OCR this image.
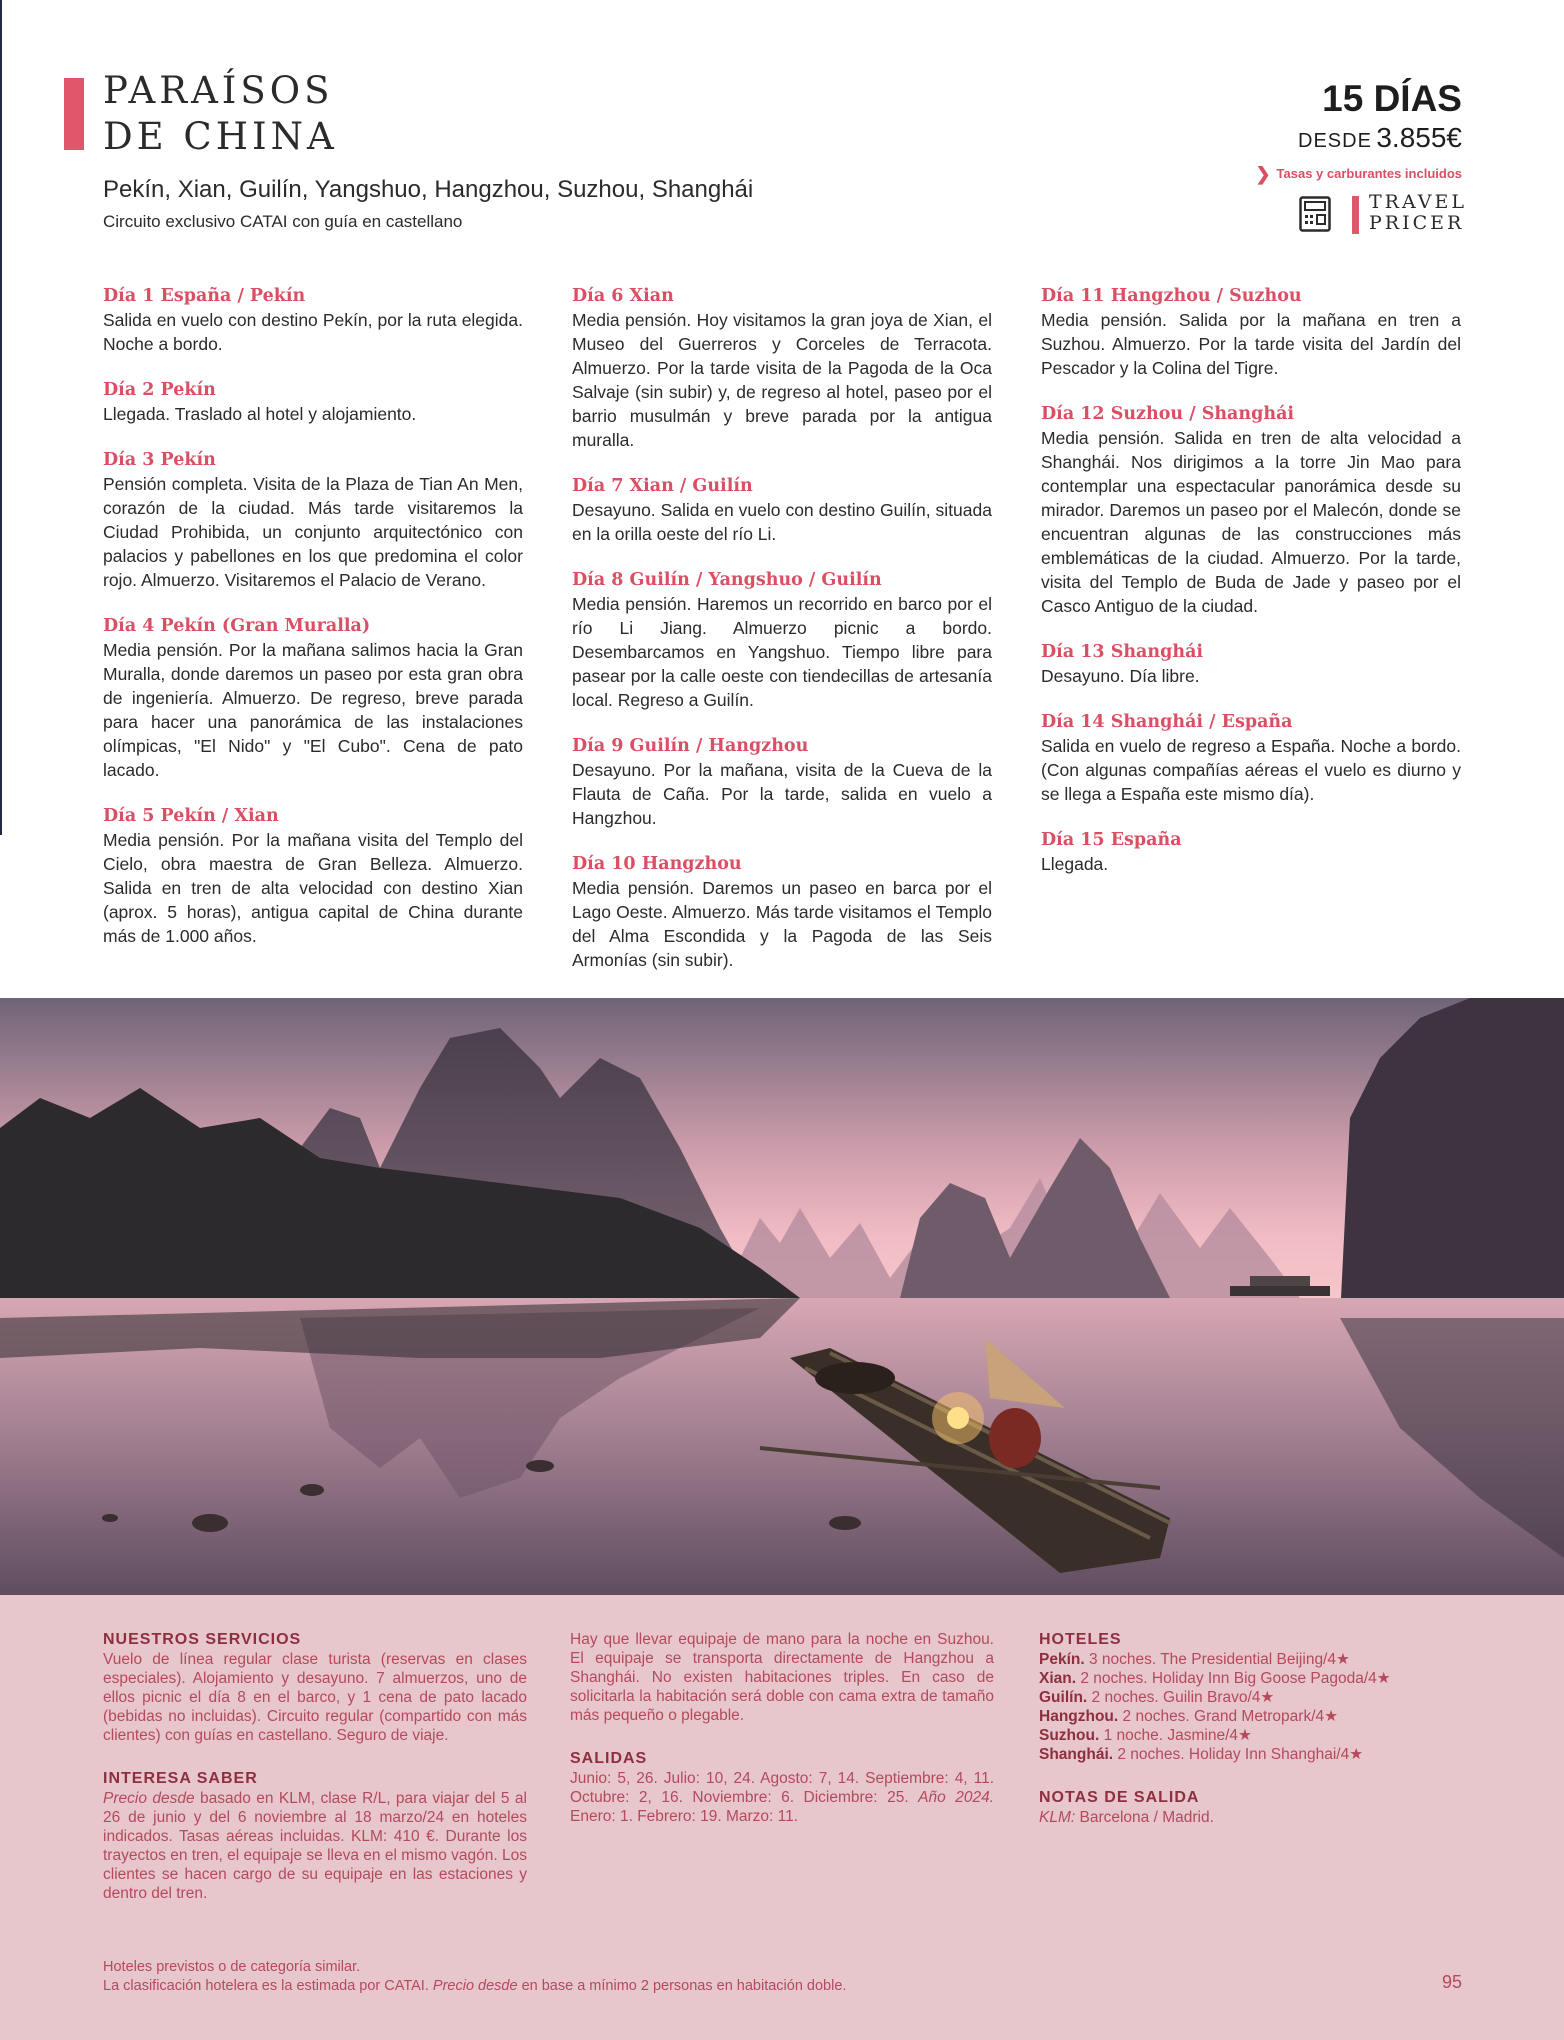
PARAÍSOS
DE CHINA
Pekín, Xian, Guilín, Yangshuo, Hangzhou, Suzhou, Shanghái
Circuito exclusivo CATAI con guía en castellano
15 DÍAS
DESDE 3.855€
❯ Tasas y carburantes incluidos
TRAVEL
PRICER
Día 1 España / Pekín

Salida en vuelo con destino Pekín, por la ruta elegida. Noche a bordo.

Día 2 Pekín

Llegada. Traslado al hotel y alojamiento.

Día 3 Pekín

Pensión completa. Visita de la Plaza de Tian An Men, corazón de la ciudad. Más tarde visitaremos la Ciudad Prohibida, un conjunto arquitectónico con palacios y pabellones en los que predomina el color rojo. Almuerzo. Visitaremos el Palacio de Verano.

Día 4 Pekín (Gran Muralla)

Media pensión. Por la mañana salimos hacia la Gran Muralla, donde daremos un paseo por esta gran obra de ingeniería. Almuerzo. De regreso, breve parada para hacer una panorámica de las instalaciones olímpicas, "El Nido" y "El Cubo". Cena de pato lacado.

Día 5 Pekín / Xian

Media pensión. Por la mañana visita del Templo del Cielo, obra maestra de Gran Belleza. Almuerzo. Salida en tren de alta velocidad con destino Xian (aprox. 5 horas), antigua capital de China durante más de 1.000 años.

Día 6 Xian

Media pensión. Hoy visitamos la gran joya de Xian, el Museo del Guerreros y Corceles de Terracota. Almuerzo. Por la tarde visita de la Pagoda de la Oca Salvaje (sin subir) y, de regreso al hotel, paseo por el barrio musulmán y breve parada por la antigua muralla.

Día 7 Xian / Guilín

Desayuno. Salida en vuelo con destino Guilín, situada en la orilla oeste del río Li.

Día 8 Guilín / Yangshuo / Guilín

Media pensión. Haremos un recorrido en barco por el río Li Jiang. Almuerzo picnic a bordo. Desembarcamos en Yangshuo. Tiempo libre para pasear por la calle oeste con tiendecillas de artesanía local. Regreso a Guilín.

Día 9 Guilín / Hangzhou

Desayuno. Por la mañana, visita de la Cueva de la Flauta de Caña. Por la tarde, salida en vuelo a Hangzhou.

Día 10 Hangzhou

Media pensión. Daremos un paseo en barca por el Lago Oeste. Almuerzo. Más tarde visitamos el Templo del Alma Escondida y la Pagoda de las Seis Armonías (sin subir).

Día 11 Hangzhou / Suzhou

Media pensión. Salida por la mañana en tren a Suzhou. Almuerzo. Por la tarde visita del Jardín del Pescador y la Colina del Tigre.

Día 12 Suzhou / Shanghái

Media pensión. Salida en tren de alta velocidad a Shanghái. Nos dirigimos a la torre Jin Mao para contemplar una espectacular panorámica desde su mirador. Daremos un paseo por el Malecón, donde se encuentran algunas de las construcciones más emblemáticas de la ciudad. Almuerzo. Por la tarde, visita del Templo de Buda de Jade y paseo por el Casco Antiguo de la ciudad.

Día 13 Shanghái

Desayuno. Día libre.

Día 14 Shanghái / España

Salida en vuelo de regreso a España. Noche a bordo. (Con algunas compañías aéreas el vuelo es diurno y se llega a España este mismo día).

Día 15 España

Llegada.

NUESTROS SERVICIOS

Vuelo de línea regular clase turista (reservas en clases especiales). Alojamiento y desayuno. 7 almuerzos, uno de ellos picnic el día 8 en el barco, y 1 cena de pato lacado (bebidas no incluidas). Circuito regular (compartido con más clientes) con guías en castellano. Seguro de viaje.

INTERESA SABER

Precio desde basado en KLM, clase R/L, para viajar del 5 al 26 de junio y del 6 noviembre al 18 marzo/24 en hoteles indicados. Tasas aéreas incluidas. KLM: 410 €. Durante los trayectos en tren, el equipaje se lleva en el mismo vagón. Los clientes se hacen cargo de su equipaje en las estaciones y dentro del tren.

Hay que llevar equipaje de mano para la noche en Suzhou. El equipaje se transporta directamente de Hangzhou a Shanghái. No existen habitaciones triples. En caso de solicitarla la habitación será doble con cama extra de tamaño más pequeño o plegable.

SALIDAS

Junio: 5, 26. Julio: 10, 24. Agosto: 7, 14. Septiembre: 4, 11. Octubre: 2, 16. Noviembre: 6. Diciembre: 25. Año 2024. Enero: 1. Febrero: 19. Marzo: 11.

HOTELES
Pekín. 3 noches. The Presidential Beijing/4★
Xian. 2 noches. Holiday Inn Big Goose Pagoda/4★
Guilín. 2 noches. Guilin Bravo/4★
Hangzhou. 2 noches. Grand Metropark/4★
Suzhou. 1 noche. Jasmine/4★
Shanghái. 2 noches. Holiday Inn Shanghai/4★
NOTAS DE SALIDA

KLM: Barcelona / Madrid.

Hoteles previstos o de categoría similar.
La clasificación hotelera es la estimada por CATAI. Precio desde en base a mínimo 2 personas en habitación doble.	95
